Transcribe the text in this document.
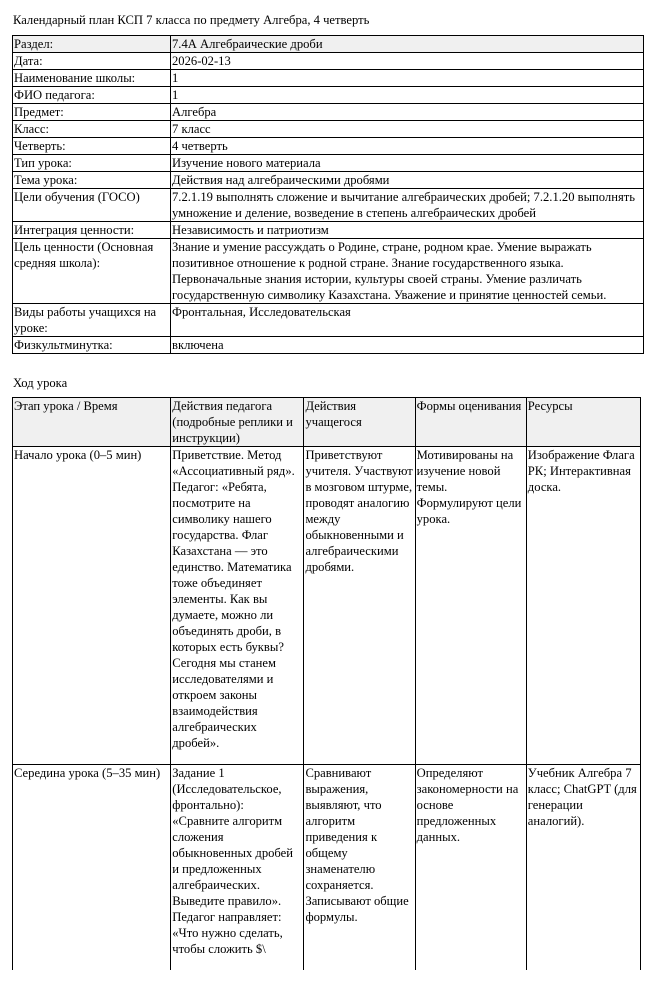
Календарный план КСП 7 класса по предмету Алгебра, 4 четверть
Раздел:	7.4А Алгебраические дроби
Дата:	2026-02-13
Наименование школы:	1
ФИО педагога:	1
Предмет:	Алгебра
Класс:	7 класс
Четверть:	4 четверть
Тип урока:	Изучение нового материала
Тема урока:	Действия над алгебраическими дробями
Цели обучения (ГОСО)	7.2.1.19 выполнять сложение и вычитание алгебраических дробей; 7.2.1.20 выполнять умножение и деление, возведение в степень алгебраических дробей
Интеграция ценности:	Независимость и патриотизм
Цель ценности (Основная средняя школа):	Знание и умение рассуждать о Родине, стране, родном крае. Умение выражать позитивное отношение к родной стране. Знание государственного языка. Первоначальные знания истории, культуры своей страны. Умение различать государственную символику Казахстана. Уважение и принятие ценностей семьи.
Виды работы учащихся на уроке:	Фронтальная, Исследовательская
Физкультминутка:	включена
Ход урока
Этап урока / Время	Действия педагога (подробные реплики и инструкции)	Действия учащегося	Формы оценивания	Ресурсы
Начало урока (0–5 мин)	Приветствие. Метод «Ассоциативный ряд». Педагог: «Ребята, посмотрите на символику нашего государства. Флаг Казахстана — это единство. Математика тоже объединяет элементы. Как вы думаете, можно ли объединять дроби, в которых есть буквы? Сегодня мы станем исследователями и откроем законы взаимодействия алгебраических дробей».	Приветствуют учителя. Участвуют в мозговом штурме, проводят аналогию между обыкновенными и алгебраическими дробями.	Мотивированы на изучение новой темы. Формулируют цели урока.	Изображение Флага РК; Интерактивная доска.
Середина урока (5–35 мин)	Задание 1 (Исследовательское, фронтально): «Сравните алгоритм сложения обыкновенных дробей и предложенных алгебраических. Выведите правило». Педагог направляет: «Что нужно сделать, чтобы сложить $\	Сравнивают выражения, выявляют, что алгоритм приведения к общему знаменателю сохраняется. Записывают общие формулы.	Определяют закономерности на основе предложенных данных.	Учебник Алгебра 7 класс; ChatGPT (для генерации аналогий).
